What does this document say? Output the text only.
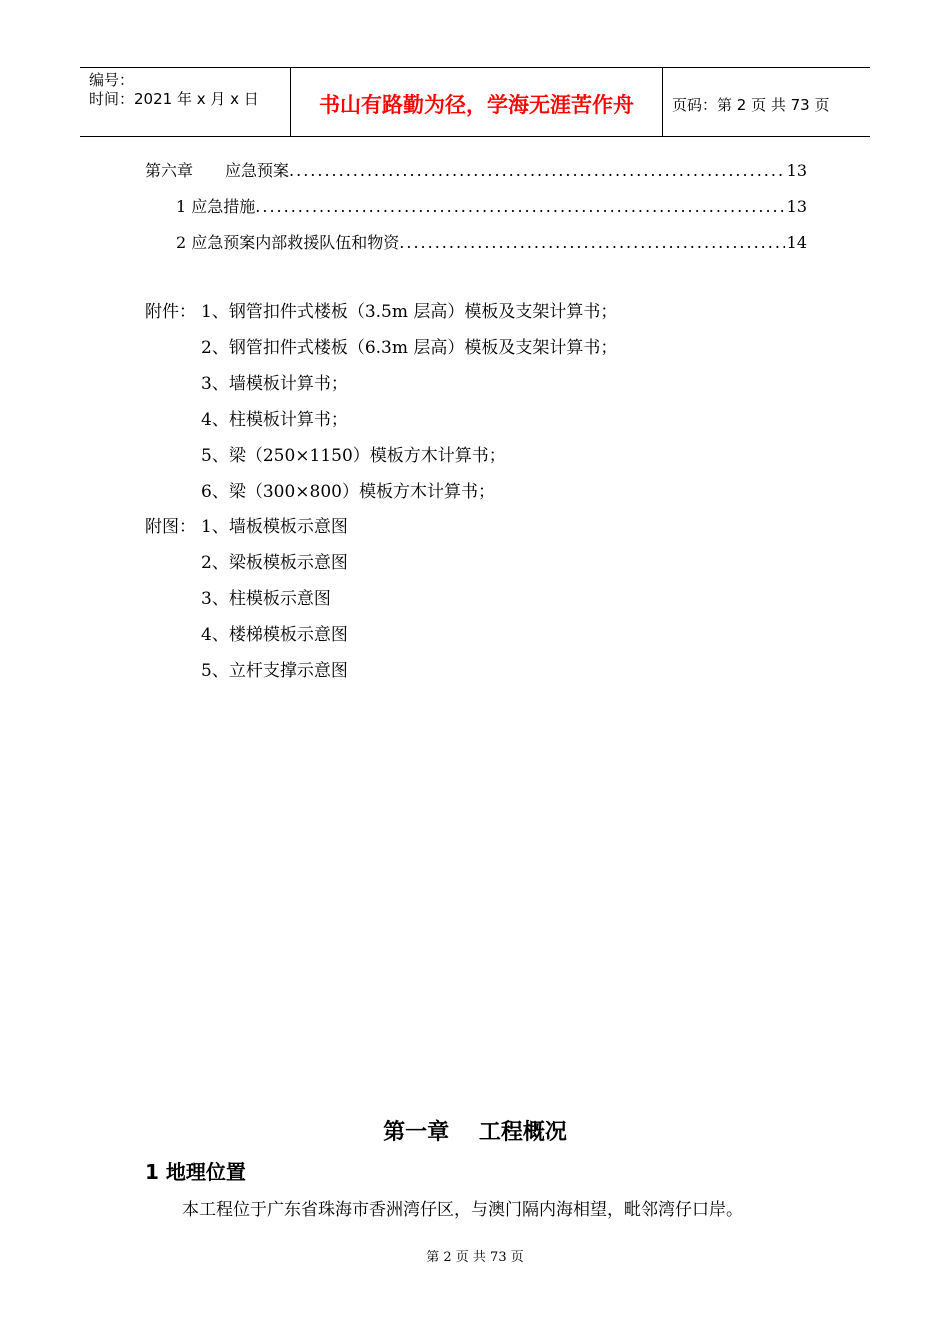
编号：
时间：2021 年 x 月 x 日	书山有路勤为径，学海无涯苦作舟	页码：第 2 页 共 73 页
第六章　　应急预案 .....	13
1 应急措施 .....	13
2 应急预案内部救援队伍和物资 .....	14
附件： 1、钢管扣件式楼板（3.5m 层高）模板及支架计算书；
2、钢管扣件式楼板（6.3m 层高）模板及支架计算书；
3、墙模板计算书；
4、柱模板计算书；
5、梁（250×1150）模板方木计算书；
6、梁（300×800）模板方木计算书；
附图： 1、墙板模板示意图
2、梁板模板示意图
3、柱模板示意图
4、楼梯模板示意图
5、立杆支撑示意图
第一章　 工程概况
1 地理位置
本工程位于广东省珠海市香洲湾仔区，与澳门隔内海相望，毗邻湾仔口岸。
第 2 页 共 73 页
